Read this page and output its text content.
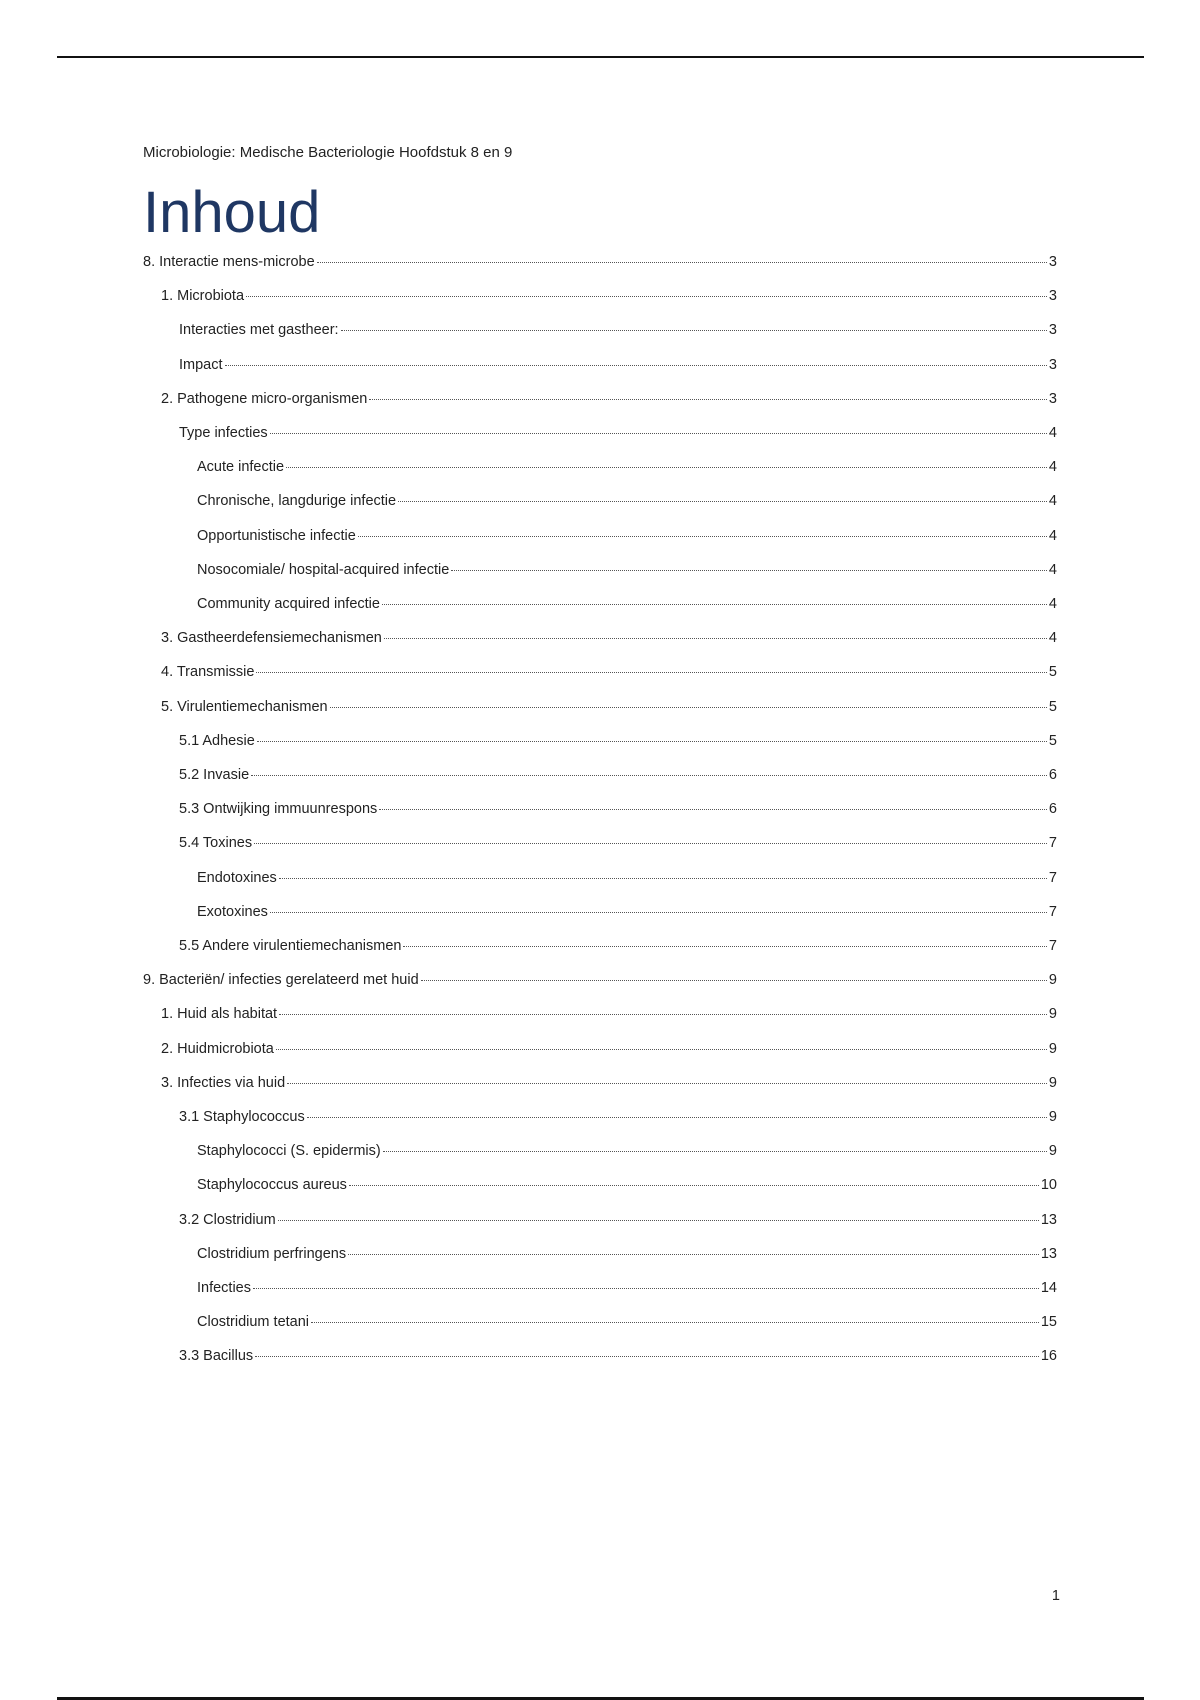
Microbiologie: Medische Bacteriologie Hoofdstuk 8 en 9
Inhoud
8. Interactie mens-microbe	3
1. Microbiota	3
Interacties met gastheer:	3
Impact	3
2. Pathogene micro-organismen	3
Type infecties	4
Acute infectie	4
Chronische, langdurige infectie	4
Opportunistische infectie	4
Nosocomiale/ hospital-acquired infectie	4
Community acquired infectie	4
3. Gastheerdefensiemechanismen	4
4. Transmissie	5
5. Virulentiemechanismen	5
5.1 Adhesie	5
5.2 Invasie	6
5.3 Ontwijking immuunrespons	6
5.4 Toxines	7
Endotoxines	7
Exotoxines	7
5.5 Andere virulentiemechanismen	7
9. Bacteriën/ infecties gerelateerd met huid	9
1. Huid als habitat	9
2. Huidmicrobiota	9
3. Infecties via huid	9
3.1 Staphylococcus	9
Staphylococci (S. epidermis)	9
Staphylococcus aureus	10
3.2 Clostridium	13
Clostridium perfringens	13
Infecties	14
Clostridium tetani	15
3.3 Bacillus	16
1
